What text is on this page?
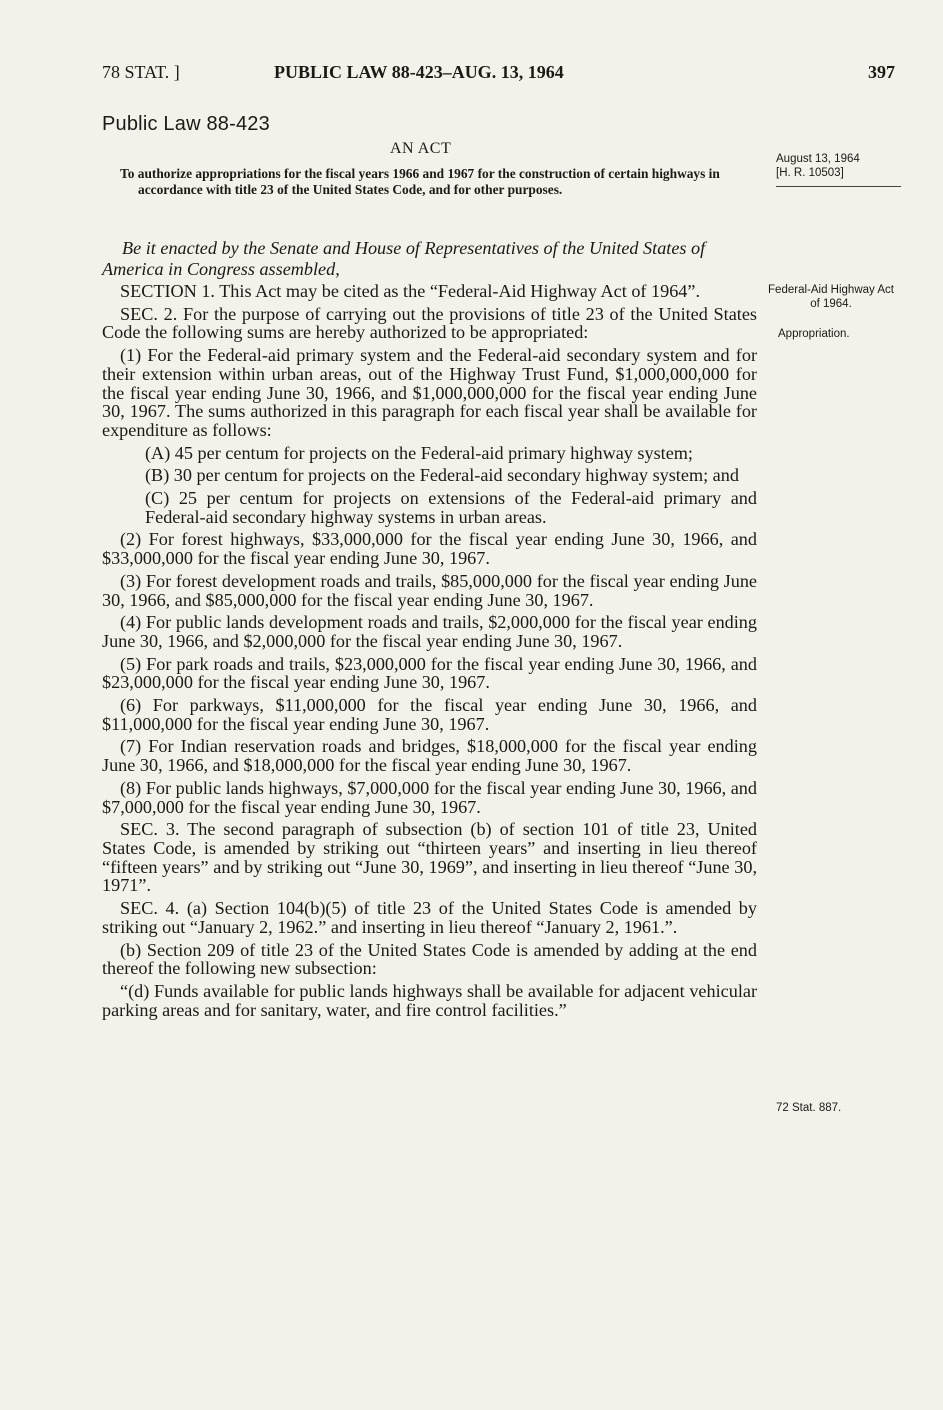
78 STAT. ]	PUBLIC LAW 88-423–AUG. 13, 1964	397
Public Law 88-423
AN ACT
To authorize appropriations for the fiscal years 1966 and 1967 for the construction of certain highways in accordance with title 23 of the United States Code, and for other purposes.
Be it enacted by the Senate and House of Representatives of the United States of America in Congress assembled,

SECTION 1. This Act may be cited as the “Federal-Aid Highway Act of 1964”.

SEC. 2. For the purpose of carrying out the provisions of title 23 of the United States Code the following sums are hereby authorized to be appropriated:

(1) For the Federal-aid primary system and the Federal-aid secondary system and for their extension within urban areas, out of the Highway Trust Fund, $1,000,000,000 for the fiscal year ending June 30, 1966, and $1,000,000,000 for the fiscal year ending June 30, 1967. The sums authorized in this paragraph for each fiscal year shall be available for expenditure as follows:

(A) 45 per centum for projects on the Federal-aid primary highway system;

(B) 30 per centum for projects on the Federal-aid secondary highway system; and

(C) 25 per centum for projects on extensions of the Federal-aid primary and Federal-aid secondary highway systems in urban areas.

(2) For forest highways, $33,000,000 for the fiscal year ending June 30, 1966, and $33,000,000 for the fiscal year ending June 30, 1967.

(3) For forest development roads and trails, $85,000,000 for the fiscal year ending June 30, 1966, and $85,000,000 for the fiscal year ending June 30, 1967.

(4) For public lands development roads and trails, $2,000,000 for the fiscal year ending June 30, 1966, and $2,000,000 for the fiscal year ending June 30, 1967.

(5) For park roads and trails, $23,000,000 for the fiscal year ending June 30, 1966, and $23,000,000 for the fiscal year ending June 30, 1967.

(6) For parkways, $11,000,000 for the fiscal year ending June 30, 1966, and $11,000,000 for the fiscal year ending June 30, 1967.

(7) For Indian reservation roads and bridges, $18,000,000 for the fiscal year ending June 30, 1966, and $18,000,000 for the fiscal year ending June 30, 1967.

(8) For public lands highways, $7,000,000 for the fiscal year ending June 30, 1966, and $7,000,000 for the fiscal year ending June 30, 1967.

SEC. 3. The second paragraph of subsection (b) of section 101 of title 23, United States Code, is amended by striking out “thirteen years” and inserting in lieu thereof “fifteen years” and by striking out “June 30, 1969”, and inserting in lieu thereof “June 30, 1971”.

SEC. 4. (a) Section 104(b)(5) of title 23 of the United States Code is amended by striking out “January 2, 1962.” and inserting in lieu thereof “January 2, 1961.”.

(b) Section 209 of title 23 of the United States Code is amended by adding at the end thereof the following new subsection:

“(d) Funds available for public lands highways shall be available for adjacent vehicular parking areas and for sanitary, water, and fire control facilities.”

August 13, 1964
[H. R. 10503]
Federal-Aid Highway Act of 1964.
Appropriation.
72 Stat. 887.
